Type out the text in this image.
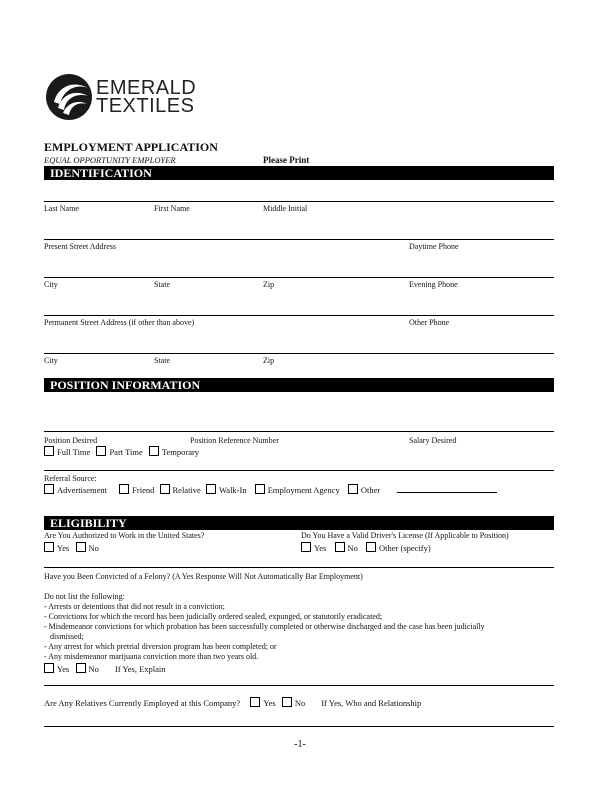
EMERALD
TEXTILES
EMPLOYMENT APPLICATION
EQUAL OPPORTUNITY EMPLOYER	Please Print
IDENTIFICATION
Last Name	First Name	Middle Initial
Present Street Address	Daytime Phone
City	State	Zip	Evening Phone
Permanent Street Address (if other than above)	Other Phone
City	State	Zip
POSITION INFORMATION
Position Desired	Position Reference Number	Salary Desired
Full Time Part Time Temporary
Referral Source:
Advertisement	Friend Relative Walk-In Employment Agency Other
ELIGIBILITY
Are You Authorized to Work in the United States?
Yes No
Do You Have a Valid Driver's License (If Applicable to Position)
Yes No Other (specify)
Have you Been Convicted of a Felony? (A Yes Response Will Not Automatically Bar Employment)
Do not list the following:
- Arrests or detentions that did not result in a conviction;
- Convictions for which the record has been judicially ordered sealed, expunged, or statutorily eradicated;
- Misdemeanor convictions for which probation has been successfully completed or otherwise discharged and the case has been judicially
dismissed;
- Any arrest for which pretrial diversion program has been completed; or
- Any misdemeanor marijuana conviction more than two years old.
Yes No If Yes, Explain
Are Any Relatives Currently Employed at this Company?	Yes No If Yes, Who and Relationship
-1-
